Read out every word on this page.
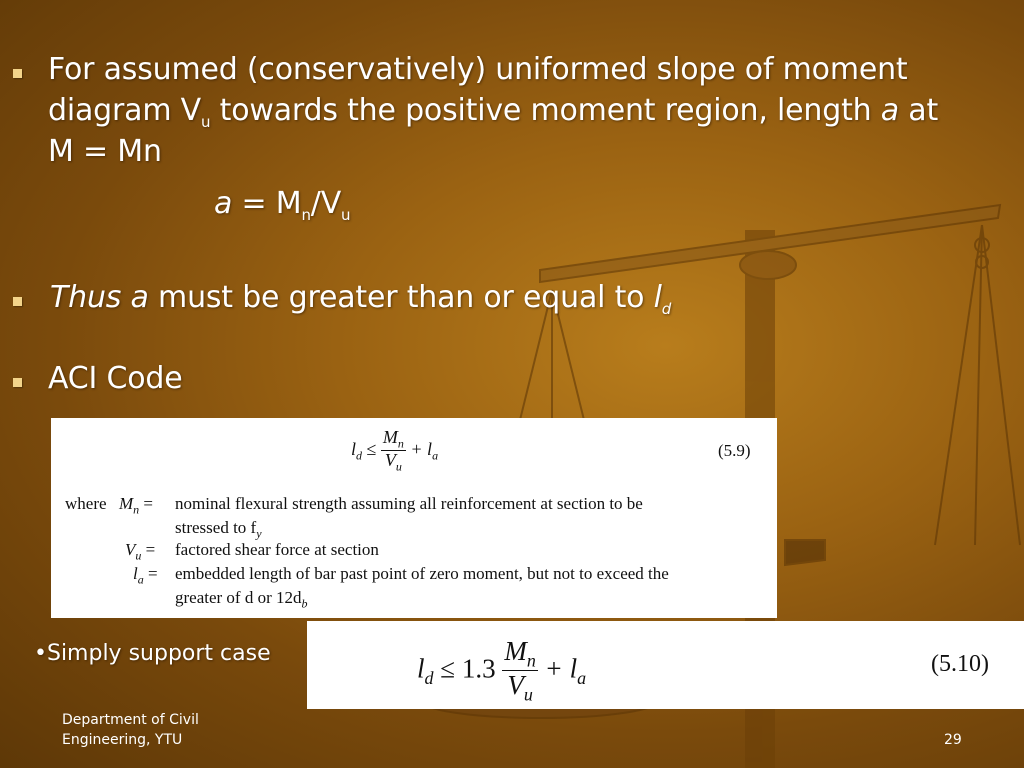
For assumed (conservatively) uniformed slope of moment
diagram $V_u$ towards the positive moment region, length a at
M = Mn
$a = M_n/V_u$
Thus a must be greater than or equal to $l_d$
ACI Code
$l_d \le \frac{M_n}{V_u} + l_a$	(5.9)
where $M_n$ =	nominal flexural strength assuming all reinforcement at section to be
stressed to $f_y$
$V_u$ = factored shear force at section
$l_a$ = embedded length of bar past point of zero moment, but not to exceed the
greater of d or $12d_b$
•Simply support case	$l_d \le 1.3 \frac{M_n}{V_u} + l_a$
(5.10)
Department of Civil
Engineering, YTU	29
